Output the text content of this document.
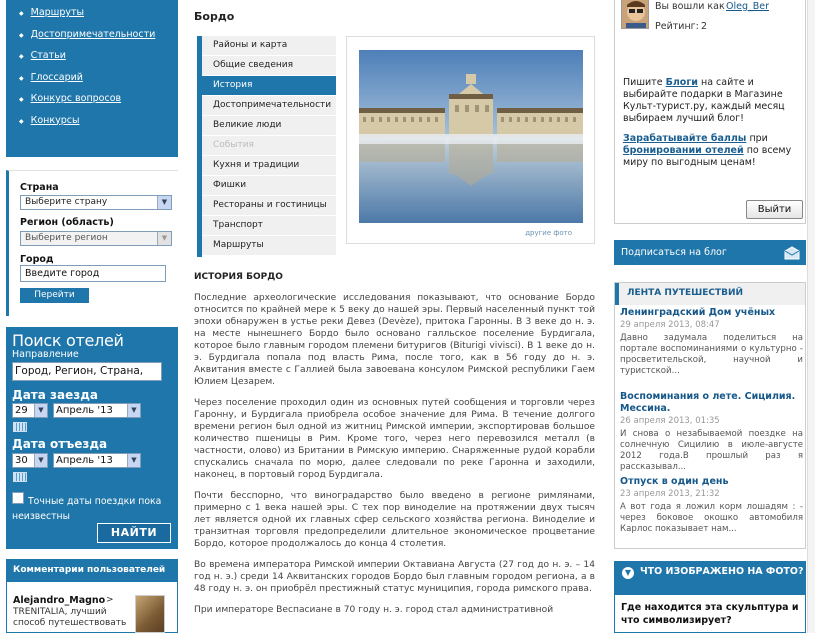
◆ Маршруты
◆ Достопримечательности
◆ Статьи
◆ Глоссарий
◆ Конкурс вопросов
◆ Конкурсы
Страна
Выберите страну	▼
Регион (область)
Выберите регион	▼
Город
Введите город
Перейти
Поиск отелей
Направление
Город, Регион, Страна,
Дата заезда
29	▼	Апрель '13	▼
Дата отъезда
30	▼	Апрель '13	▼
Точные даты поездки пока неизвестны
НАЙТИ
Комментарии пользователей
Alejandro_Magno >
TRENITALIA, лучший
способ путешествовать
Бордо
Районы и карта
Общие сведения
История
Достопримечательности
Великие люди
События
Кухня и традиции
Фишки
Рестораны и гостиницы
Транспорт
Маршруты
другие фото
ИСТОРИЯ БОРДО

Последние археологические исследования показывают, что основание Бордо относится по крайней мере к 5 веку до нашей эры. Первый населенный пункт той эпохи обнаружен в устье реки Девез (Devèze), притока Гаронны. В 3 веке до н. э. на месте нынешнего Бордо было основано галльское поселение Бурдигала, которое было главным городом племени битуригов (Biturigi vivisci). В 1 веке до н. э. Бурдигала попала под власть Рима, после того, как в 56 году до н. э. Аквитания вместе с Галлией была завоевана консулом Римской республики Гаем Юлием Цезарем.

Через поселение проходил один из основных путей сообщения и торговли через Гаронну, и Бурдигала приобрела особое значение для Рима. В течение долгого времени регион был одной из житниц Римской империи, экспортировав большое количество пшеницы в Рим. Кроме того, через него перевозился металл (в частности, олово) из Британии в Римскую империю. Снаряженные рудой корабли спускались сначала по морю, далее следовали по реке Гаронна и заходили, наконец, в портовый город Бурдигала.

Почти бесспорно, что виноградарство было введено в регионе римлянами, примерно с 1 века нашей эры. С тех пор виноделие на протяжении двух тысяч лет является одной их главных сфер сельского хозяйства региона. Виноделие и транзитная торговля предопределили длительное экономическое процветание Бордо, которое продолжалось до конца 4 столетия.

Во времена императора Римской империи Октавиана Августа (27 год до н. э. – 14 год н. э.) среди 14 Аквитанских городов Бордо был главным городом региона, а в 48 году н. э. он приобрёл престижный статус муниципия, города римского права.

При императоре Веспасиане в 70 году н. э. город стал административной

Вы вошли как Oleg_Ber
Рейтинг: 2
Пишите Блоги на сайте и выбирайте подарки в Магазине Культ-турист.ру, каждый месяц выбираем лучший блог!
Зарабатывайте баллы при бронировании отелей по всему миру по выгодным ценам!
Выйти
Подписаться на блог
ЛЕНТА ПУТЕШЕСТВИЙ
Ленинградский Дом учёных
29 апреля 2013, 08:47
Давно задумала поделиться на портале воспоминаниями о культурно - просветительской, научной и туристской...
Воспоминания о лете. Сицилия. Мессина.
26 апреля 2013, 01:35
И снова о незабываемой поездке на солнечную Сицилию в июле-августе 2012 года.В прошлый раз я рассказывал...
Отпуск в один день
23 апреля 2013, 21:32
А вот года я ложил корм лошадям : - через боковое окошко автомобиля Карлос показывает нам...
▼ ЧТО ИЗОБРАЖЕНО НА ФОТО?
Где находится эта скульптура и что символизирует?
